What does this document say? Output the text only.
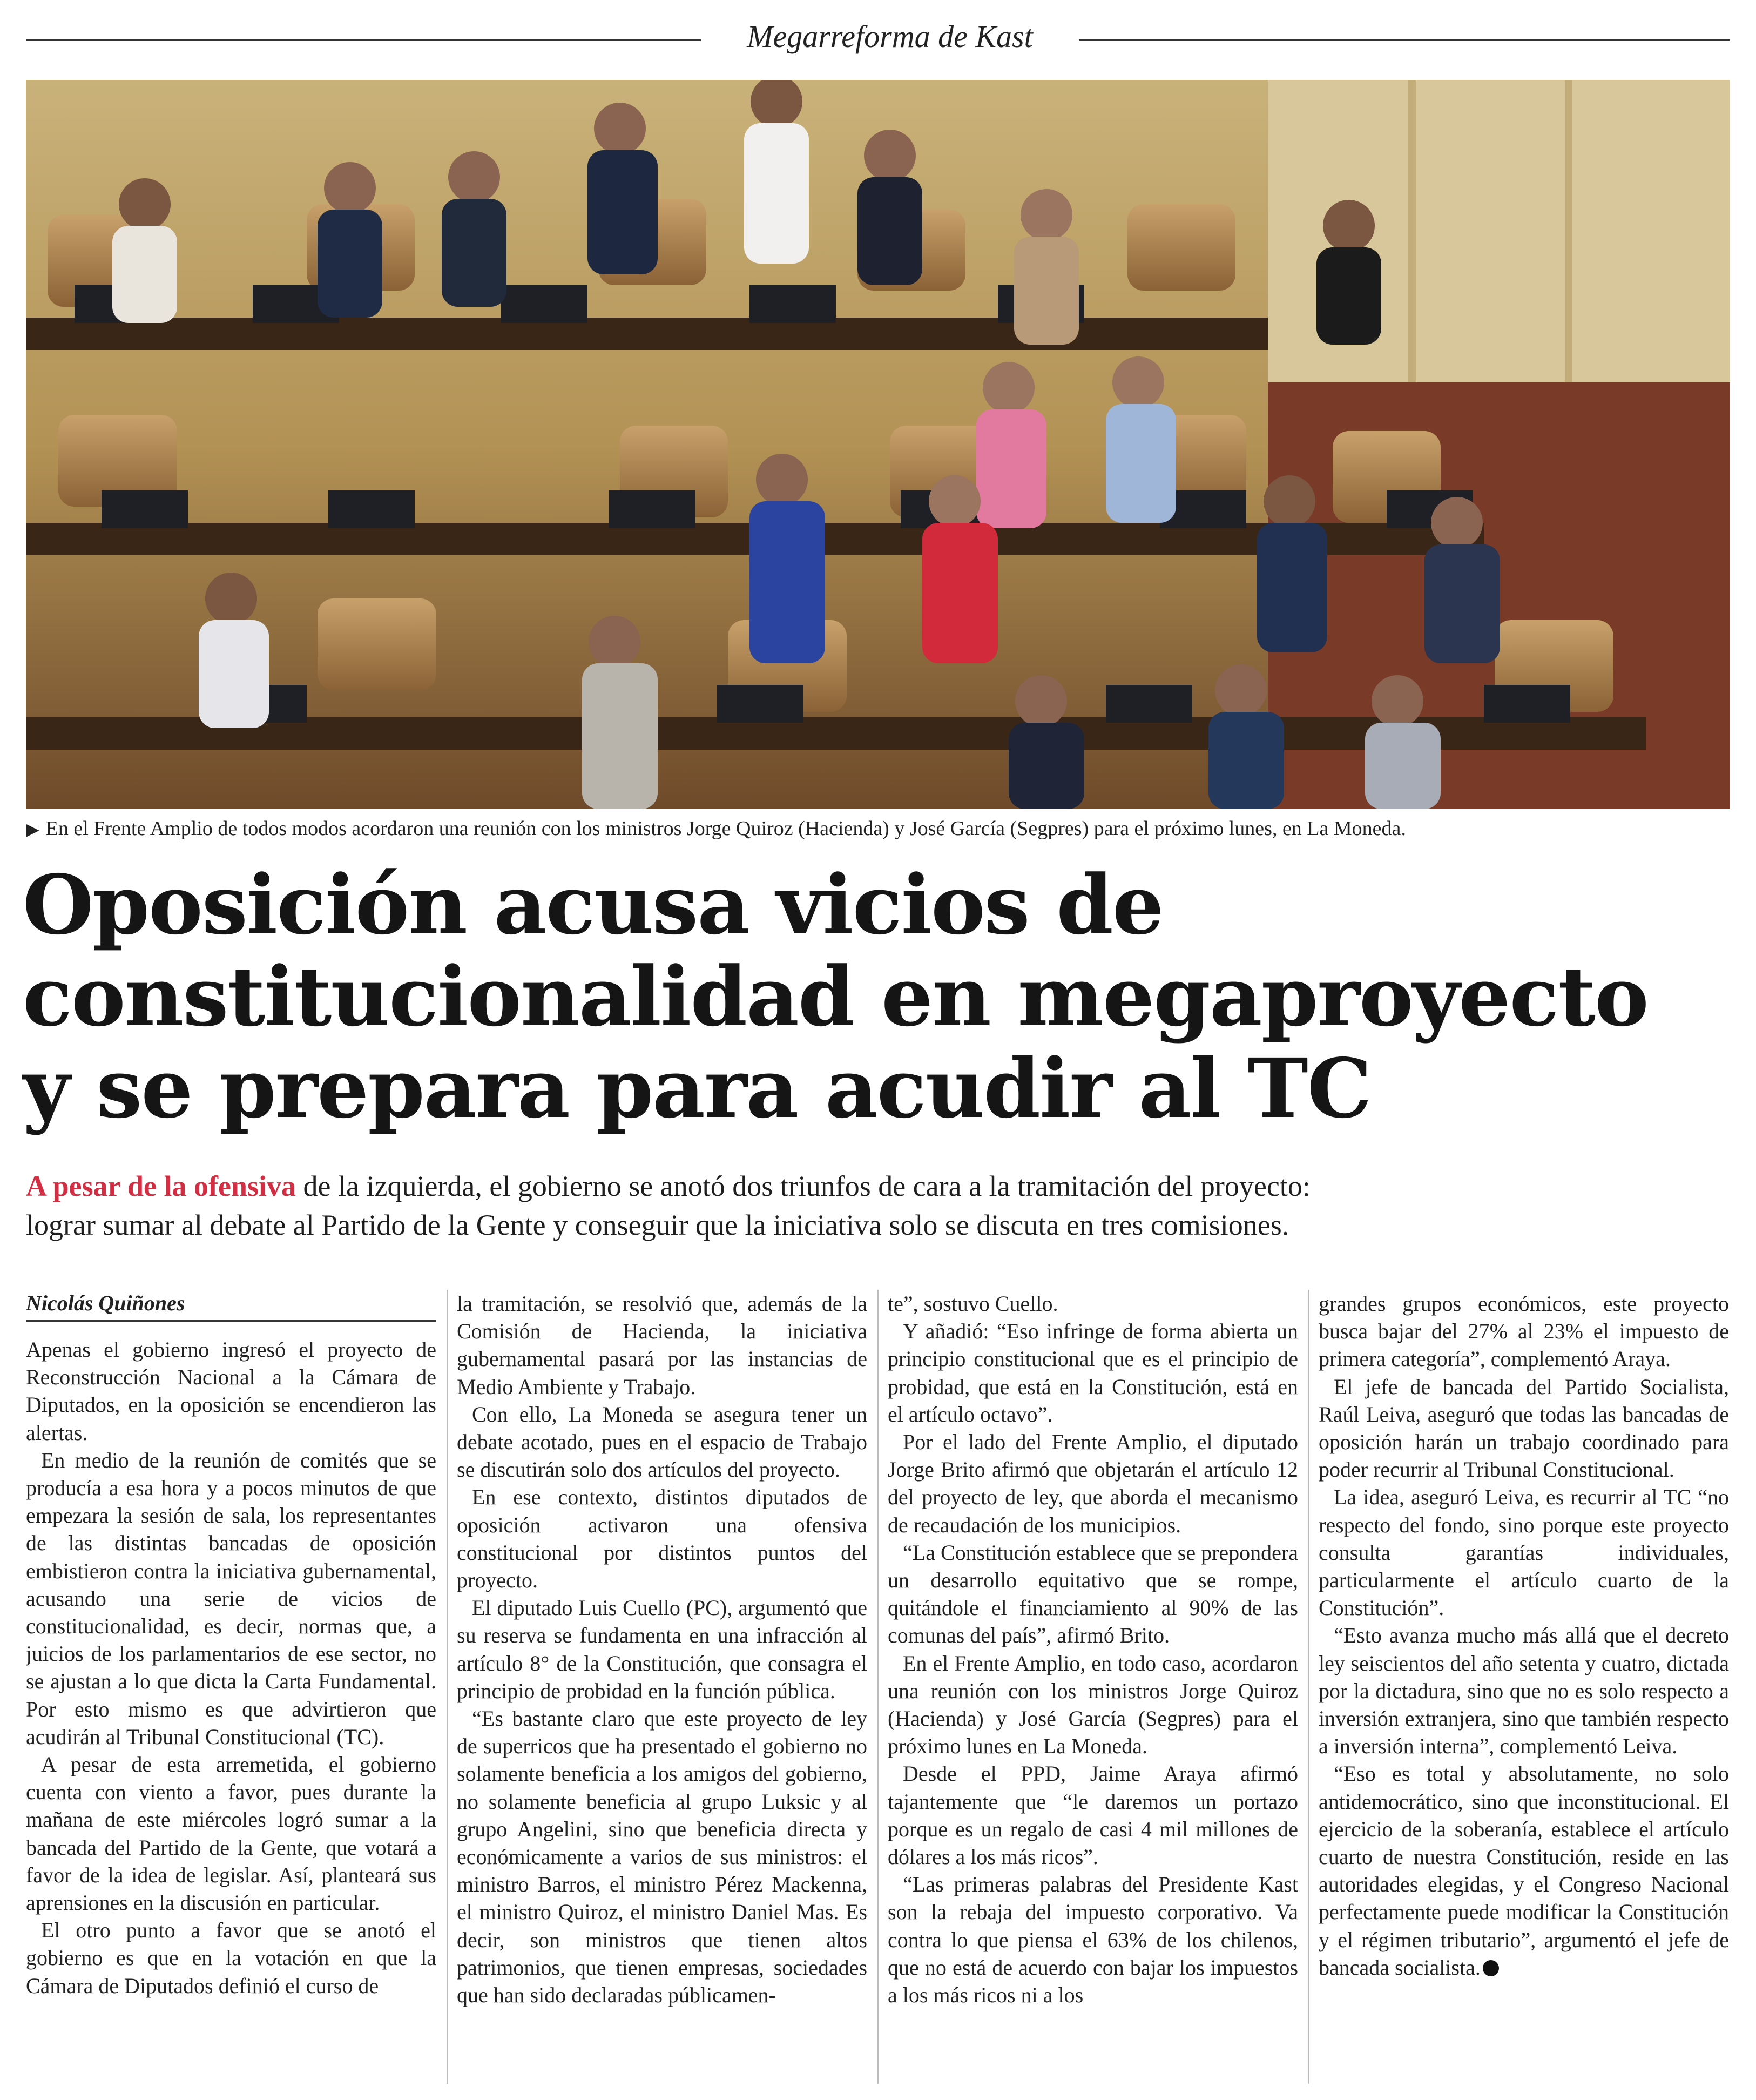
Megarreforma de Kast
▶ En el Frente Amplio de todos modos acordaron una reunión con los ministros Jorge Quiroz (Hacienda) y José García (Segpres) para el próximo lunes, en La Moneda.
Oposición acusa vicios de
constitucionalidad en megaproyecto
y se prepara para acudir al TC
A pesar de la ofensiva de la izquierda, el gobierno se anotó dos triunfos de cara a la tramitación del proyecto:
lograr sumar al debate al Partido de la Gente y conseguir que la iniciativa solo se discuta en tres comisiones.
Nicolás Quiñones

Apenas el gobierno ingresó el proyecto de Reconstrucción Nacional a la Cámara de Diputados, en la oposición se encendieron las alertas.

En medio de la reunión de comités que se producía a esa hora y a pocos minutos de que empezara la sesión de sala, los representantes de las distintas bancadas de oposición embistieron contra la iniciativa gubernamental, acusando una serie de vicios de constitucionalidad, es decir, normas que, a juicios de los parlamentarios de ese sector, no se ajustan a lo que dicta la Carta Fundamental. Por esto mismo es que advirtieron que acudirán al Tribunal Constitucional (TC).

A pesar de esta arremetida, el gobierno cuenta con viento a favor, pues durante la mañana de este miércoles logró sumar a la bancada del Partido de la Gente, que votará a favor de la idea de legislar. Así, planteará sus aprensiones en la discusión en particular.

El otro punto a favor que se anotó el gobierno es que en la votación en que la Cámara de Diputados definió el curso de

la tramitación, se resolvió que, además de la Comisión de Hacienda, la iniciativa gubernamental pasará por las instancias de Medio Ambiente y Trabajo.

Con ello, La Moneda se asegura tener un debate acotado, pues en el espacio de Trabajo se discutirán solo dos artículos del proyecto.

En ese contexto, distintos diputados de oposición activaron una ofensiva constitucional por distintos puntos del proyecto.

El diputado Luis Cuello (PC), argumentó que su reserva se fundamenta en una infracción al artículo 8° de la Constitución, que consagra el principio de probidad en la función pública.

“Es bastante claro que este proyecto de ley de superricos que ha presentado el gobierno no solamente beneficia a los amigos del gobierno, no solamente beneficia al grupo Luksic y al grupo Angelini, sino que beneficia directa y económicamente a varios de sus ministros: el ministro Barros, el ministro Pérez Mackenna, el ministro Quiroz, el ministro Daniel Mas. Es decir, son ministros que tienen altos patrimonios, que tienen empresas, sociedades que han sido declaradas públicamen-

te”, sostuvo Cuello.

Y añadió: “Eso infringe de forma abierta un principio constitucional que es el principio de probidad, que está en la Constitución, está en el artículo octavo”.

Por el lado del Frente Amplio, el diputado Jorge Brito afirmó que objetarán el artículo 12 del proyecto de ley, que aborda el mecanismo de recaudación de los municipios.

“La Constitución establece que se prepondera un desarrollo equitativo que se rompe, quitándole el financiamiento al 90% de las comunas del país”, afirmó Brito.

En el Frente Amplio, en todo caso, acordaron una reunión con los ministros Jorge Quiroz (Hacienda) y José García (Segpres) para el próximo lunes en La Moneda.

Desde el PPD, Jaime Araya afirmó tajantemente que “le daremos un portazo porque es un regalo de casi 4 mil millones de dólares a los más ricos”.

“Las primeras palabras del Presidente Kast son la rebaja del impuesto corporativo. Va contra lo que piensa el 63% de los chilenos, que no está de acuerdo con bajar los impuestos a los más ricos ni a los

grandes grupos económicos, este proyecto busca bajar del 27% al 23% el impuesto de primera categoría”, complementó Araya.

El jefe de bancada del Partido Socialista, Raúl Leiva, aseguró que todas las bancadas de oposición harán un trabajo coordinado para poder recurrir al Tribunal Constitucional.

La idea, aseguró Leiva, es recurrir al TC “no respecto del fondo, sino porque este proyecto consulta garantías individuales, particularmente el artículo cuarto de la Constitución”.

“Esto avanza mucho más allá que el decreto ley seiscientos del año setenta y cuatro, dictada por la dictadura, sino que no es solo respecto a inversión extranjera, sino que también respecto a inversión interna”, complementó Leiva.

“Eso es total y absolutamente, no solo antidemocrático, sino que inconstitucional. El ejercicio de la soberanía, establece el artículo cuarto de nuestra Constitución, reside en las autoridades elegidas, y el Congreso Nacional perfectamente puede modificar la Constitución y el régimen tributario”, argumentó el jefe de bancada socialista.
